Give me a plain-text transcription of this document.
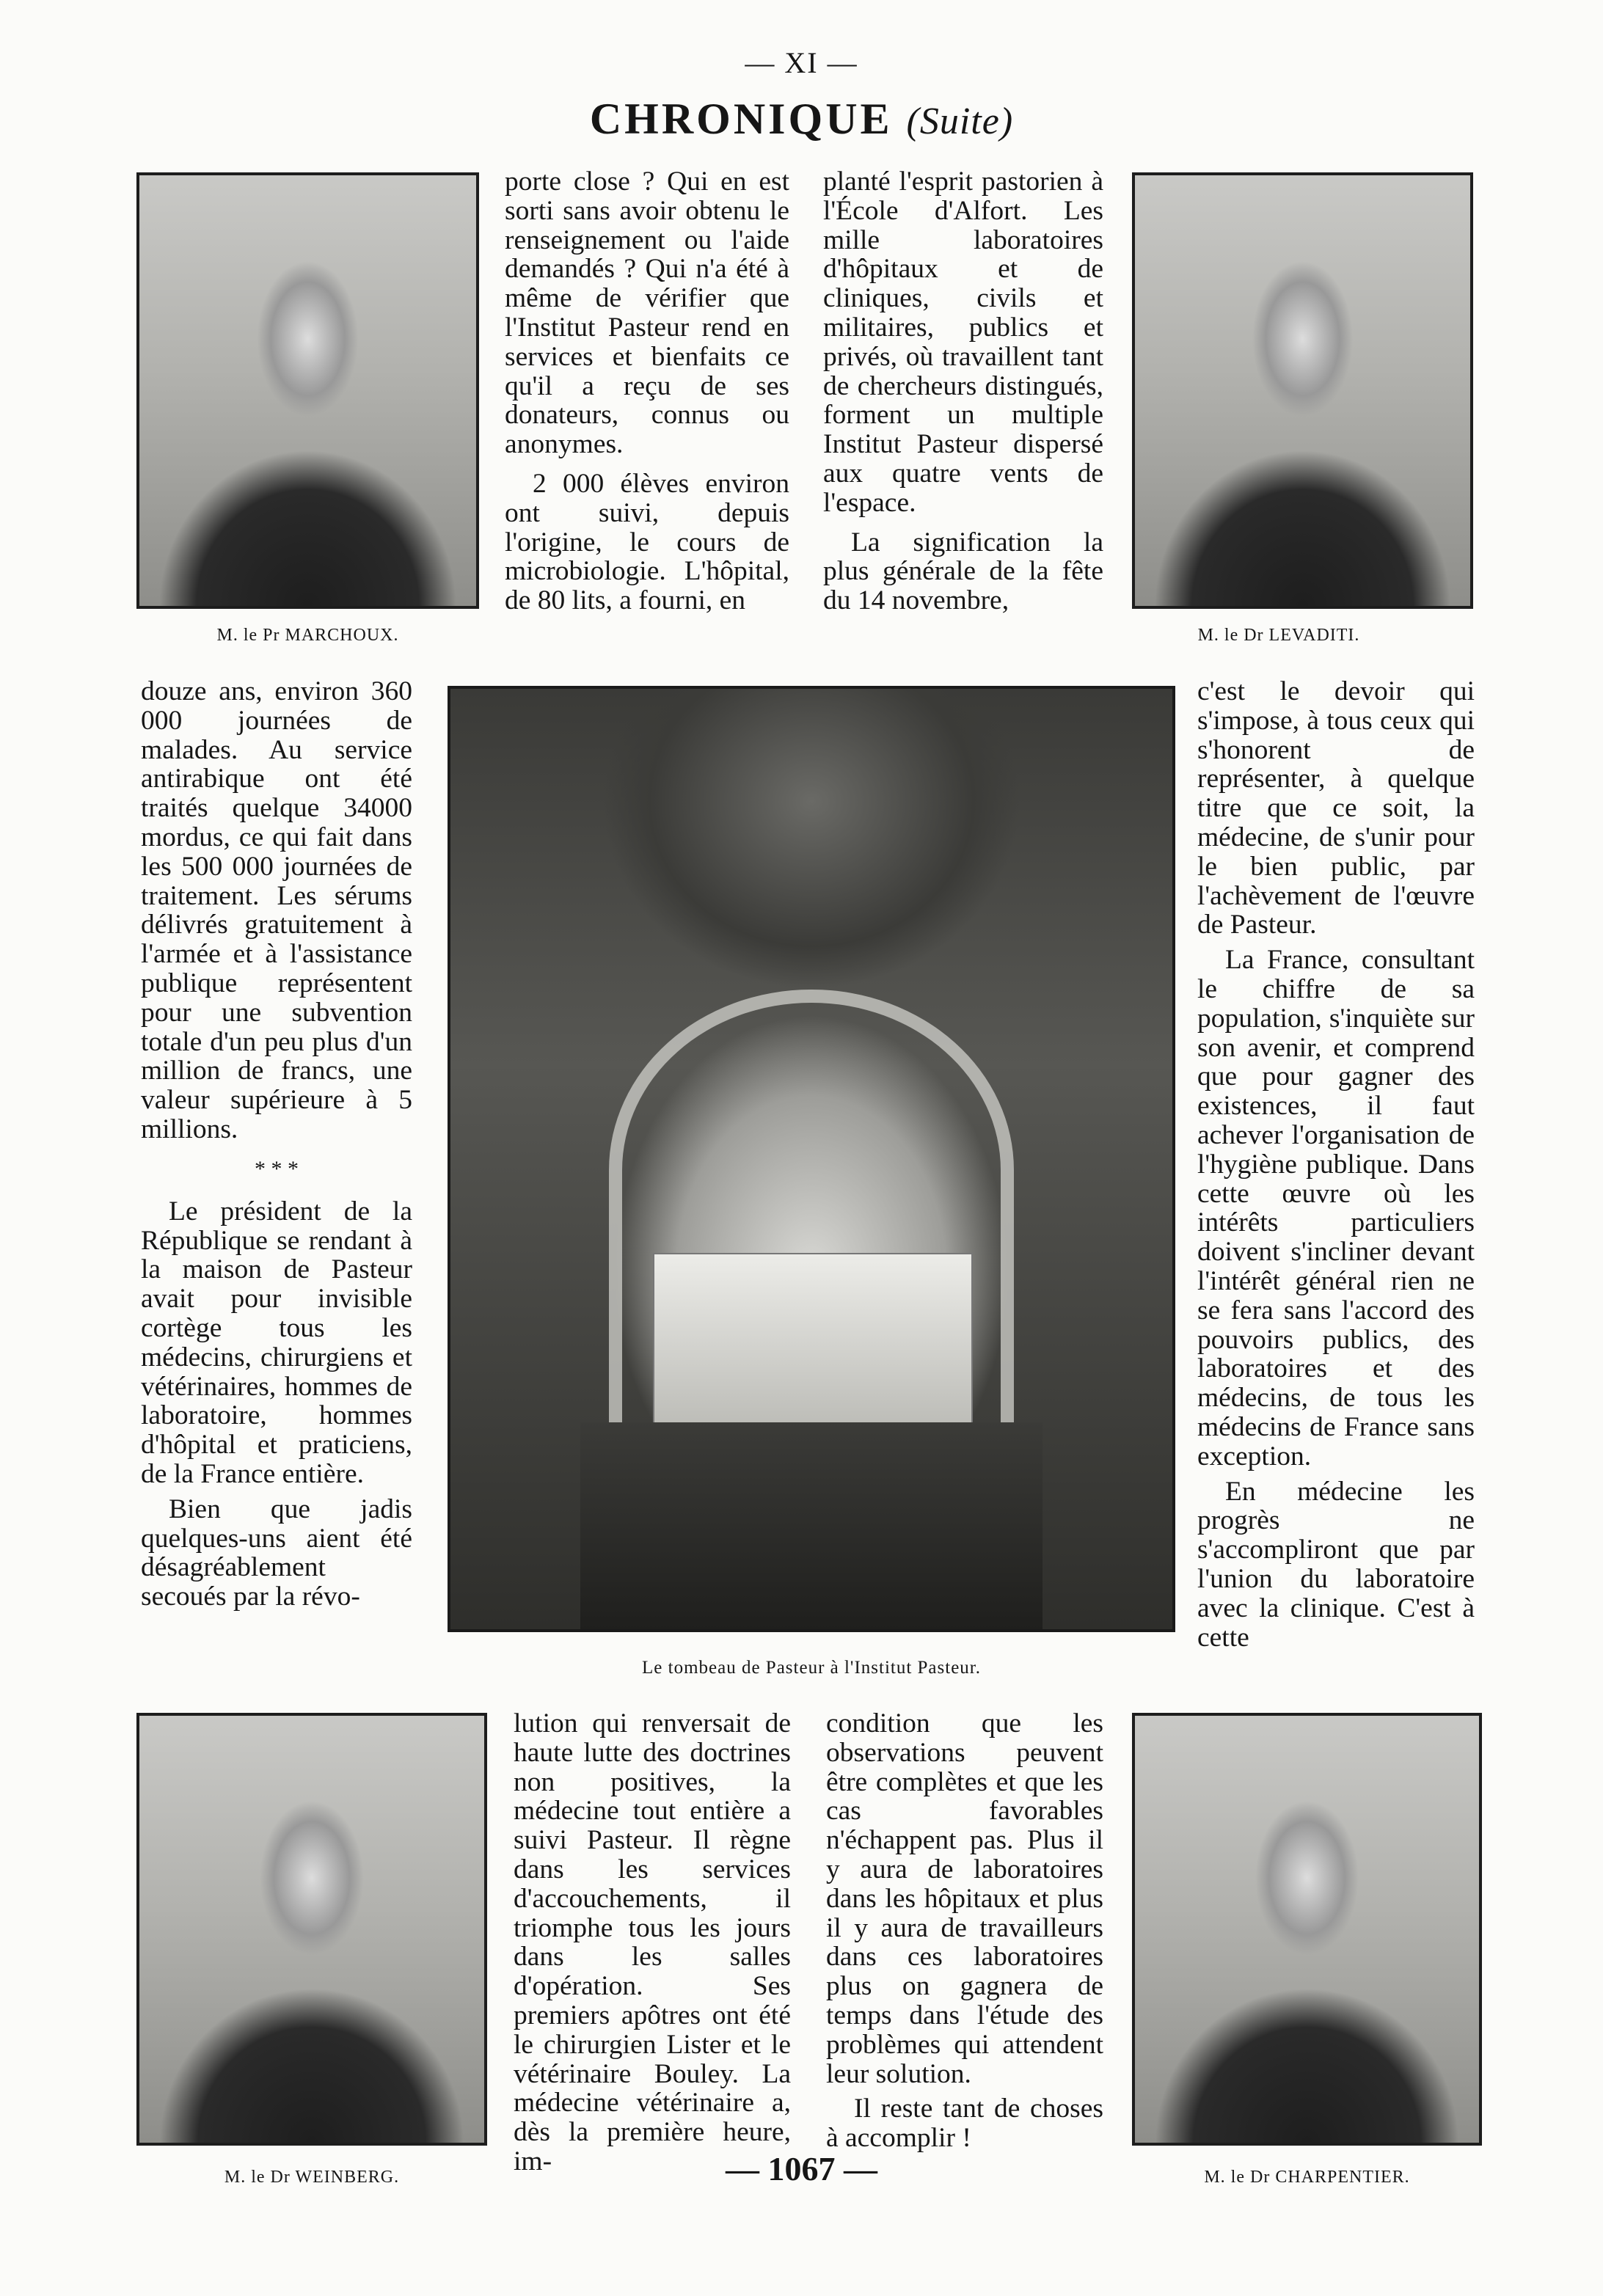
— XI —
CHRONIQUE (Suite)
M. le Pr MARCHOUX.

porte close ? Qui en est sorti sans avoir obtenu le renseignement ou l'aide demandés ? Qui n'a été à même de vérifier que l'Institut Pasteur rend en services et bienfaits ce qu'il a reçu de ses donateurs, connus ou anonymes.

2 000 élèves environ ont suivi, depuis l'origine, le cours de microbiologie. L'hôpital, de 80 lits, a fourni, en

planté l'esprit pastorien à l'École d'Alfort. Les mille laboratoires d'hôpitaux et de cliniques, civils et militaires, publics et privés, où travaillent tant de chercheurs distingués, forment un multiple Institut Pasteur dispersé aux quatre vents de l'espace.

La signification la plus générale de la fête du 14 novembre,

M. le Dr LEVADITI.

douze ans, environ 360 000 journées de malades. Au service antirabique ont été traités quelque 34000 mordus, ce qui fait dans les 500 000 journées de traitement. Les sérums délivrés gratuitement à l'armée et à l'assistance publique représentent pour une subvention totale d'un peu plus d'un million de francs, une valeur supérieure à 5 millions.

* * *

Le président de la République se rendant à la maison de Pasteur avait pour invisible cortège tous les médecins, chirurgiens et vétérinaires, hommes de laboratoire, hommes d'hôpital et praticiens, de la France entière.

Bien que jadis quelques-uns aient été désagréablement secoués par la révo-

Le tombeau de Pasteur à l'Institut Pasteur.

c'est le devoir qui s'impose, à tous ceux qui s'honorent de représenter, à quelque titre que ce soit, la médecine, de s'unir pour le bien public, par l'achèvement de l'œuvre de Pasteur.

La France, consultant le chiffre de sa population, s'inquiète sur son avenir, et comprend que pour gagner des existences, il faut achever l'organisation de l'hygiène publique. Dans cette œuvre où les intérêts particuliers doivent s'incliner devant l'intérêt général rien ne se fera sans l'accord des pouvoirs publics, des laboratoires et des médecins, de tous les médecins de France sans exception.

En médecine les progrès ne s'accompliront que par l'union du laboratoire avec la clinique. C'est à cette

M. le Dr WEINBERG.

lution qui renversait de haute lutte des doctrines non positives, la médecine tout entière a suivi Pasteur. Il règne dans les services d'accouchements, il triomphe tous les jours dans les salles d'opération. Ses premiers apôtres ont été le chirurgien Lister et le vétérinaire Bouley. La médecine vétérinaire a, dès la première heure, im-

condition que les observations peuvent être complètes et que les cas favorables n'échappent pas. Plus il y aura de laboratoires dans les hôpitaux et plus il y aura de travailleurs dans ces laboratoires plus on gagnera de temps dans l'étude des problèmes qui attendent leur solution.

Il reste tant de choses à accomplir !

M. le Dr CHARPENTIER.
— 1067 —
